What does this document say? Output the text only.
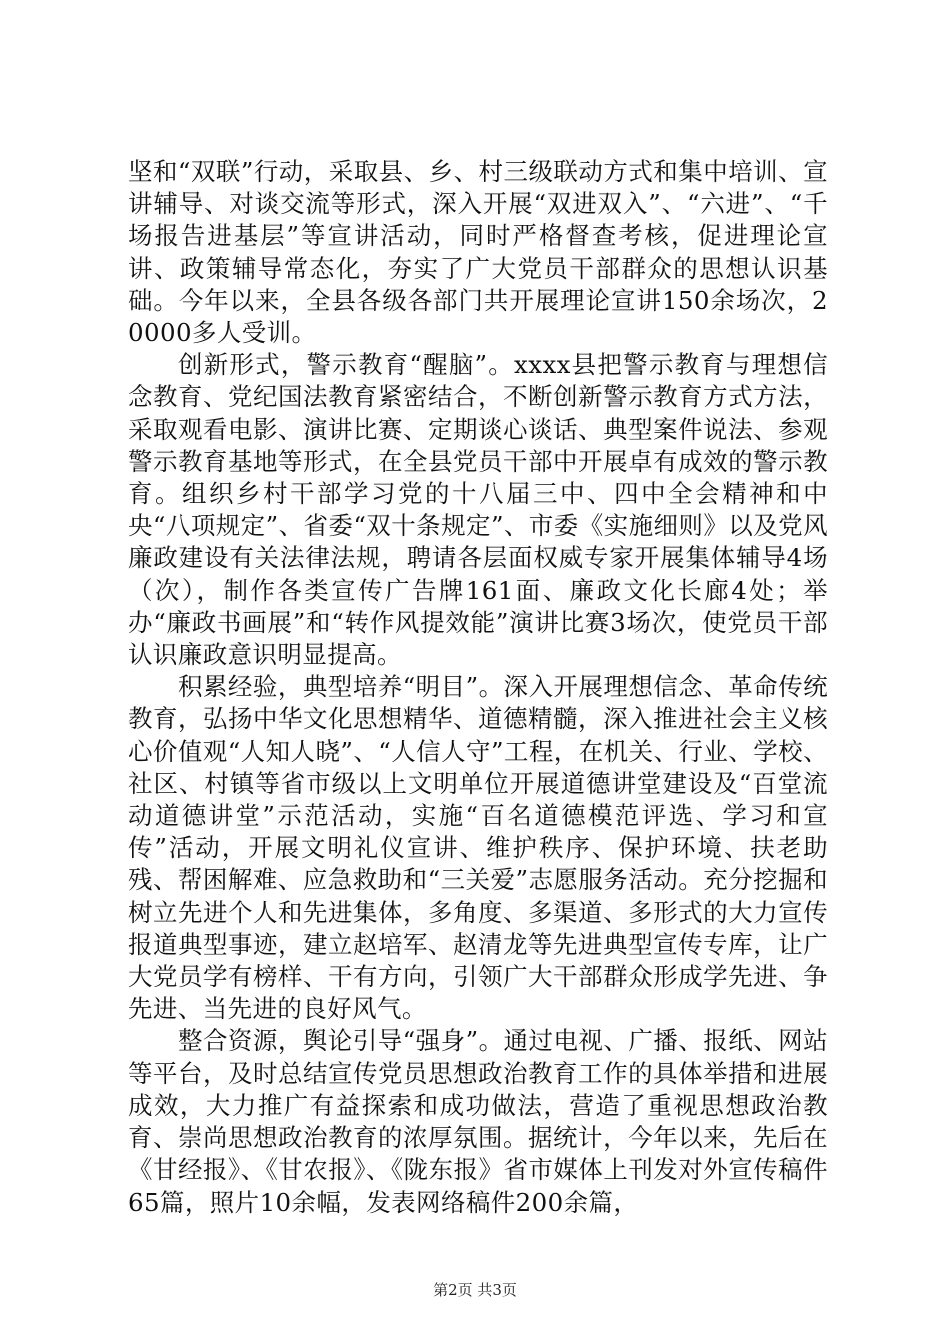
坚和“双联”行动，采取县、乡、村三级联动方式和集中培训、宣讲辅导、对谈交流等形式，深入开展“双进双入”、“六进”、“千场报告进基层”等宣讲活动，同时严格督查考核，促进理论宣讲、政策辅导常态化，夯实了广大党员干部群众的思想认识基础。今年以来，全县各级各部门共开展理论宣讲150余场次，20000多人受训。

创新形式，警示教育“醒脑”。xxxx县把警示教育与理想信念教育、党纪国法教育紧密结合，不断创新警示教育方式方法，采取观看电影、演讲比赛、定期谈心谈话、典型案件说法、参观警示教育基地等形式，在全县党员干部中开展卓有成效的警示教育。组织乡村干部学习党的十八届三中、四中全会精神和中央“八项规定”、省委“双十条规定”、市委《实施细则》以及党风廉政建设有关法律法规，聘请各层面权威专家开展集体辅导4场（次），制作各类宣传广告牌161面、廉政文化长廊4处；举办“廉政书画展”和“转作风提效能”演讲比赛3场次，使党员干部认识廉政意识明显提高。

积累经验，典型培养“明目”。深入开展理想信念、革命传统教育，弘扬中华文化思想精华、道德精髓，深入推进社会主义核心价值观“人知人晓”、“人信人守”工程，在机关、行业、学校、社区、村镇等省市级以上文明单位开展道德讲堂建设及“百堂流动道德讲堂”示范活动，实施“百名道德模范评选、学习和宣传”活动，开展文明礼仪宣讲、维护秩序、保护环境、扶老助残、帮困解难、应急救助和“三关爱”志愿服务活动。充分挖掘和树立先进个人和先进集体，多角度、多渠道、多形式的大力宣传报道典型事迹，建立赵培军、赵清龙等先进典型宣传专库，让广大党员学有榜样、干有方向，引领广大干部群众形成学先进、争先进、当先进的良好风气。

整合资源，舆论引导“强身”。通过电视、广播、报纸、网站等平台，及时总结宣传党员思想政治教育工作的具体举措和进展成效，大力推广有益探索和成功做法，营造了重视思想政治教育、崇尚思想政治教育的浓厚氛围。据统计，今年以来，先后在《甘经报》、《甘农报》、《陇东报》省市媒体上刊发对外宣传稿件65篇，照片10余幅，发表网络稿件200余篇，

第2页 共3页
